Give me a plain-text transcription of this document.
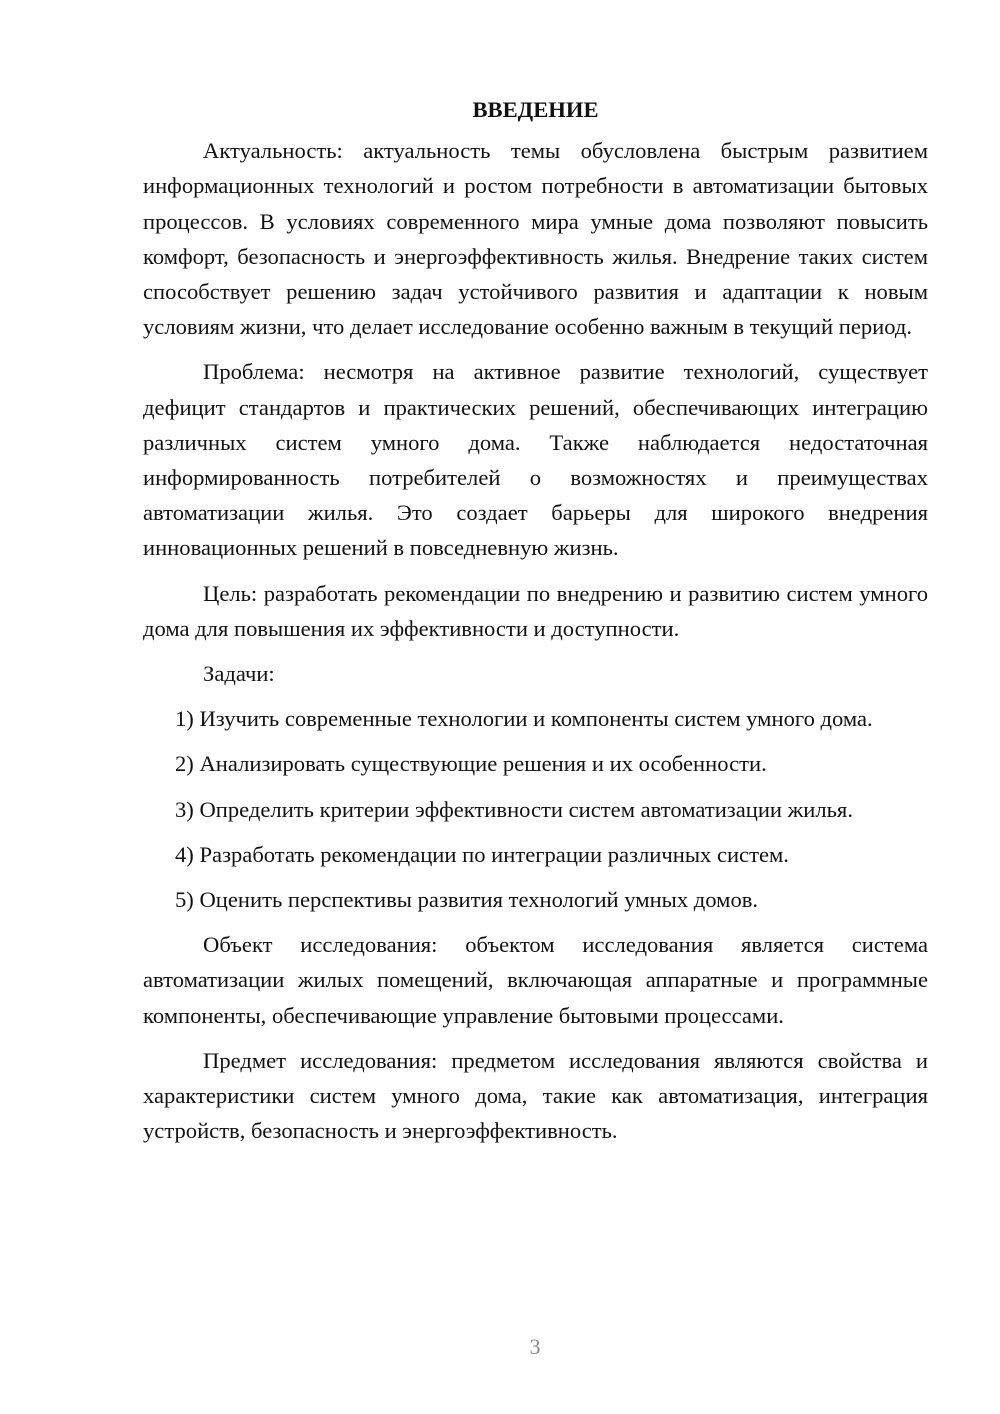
ВВЕДЕНИЕ

Актуальность: актуальность темы обусловлена быстрым развитием информационных технологий и ростом потребности в автоматизации бытовых процессов. В условиях современного мира умные дома позволяют повысить комфорт, безопасность и энергоэффективность жилья. Внедрение таких систем способствует решению задач устойчивого развития и адаптации к новым условиям жизни, что делает исследование особенно важным в текущий период.

Проблема: несмотря на активное развитие технологий, существует дефицит стандартов и практических решений, обеспечивающих интеграцию различных систем умного дома. Также наблюдается недостаточная информированность потребителей о возможностях и преимуществах автоматизации жилья. Это создает барьеры для широкого внедрения инновационных решений в повседневную жизнь.

Цель: разработать рекомендации по внедрению и развитию систем умного дома для повышения их эффективности и доступности.

Задачи:

1) Изучить современные технологии и компоненты систем умного дома.

2) Анализировать существующие решения и их особенности.

3) Определить критерии эффективности систем автоматизации жилья.

4) Разработать рекомендации по интеграции различных систем.

5) Оценить перспективы развития технологий умных домов.

Объект исследования: объектом исследования является система автоматизации жилых помещений, включающая аппаратные и программные компоненты, обеспечивающие управление бытовыми процессами.

Предмет исследования: предметом исследования являются свойства и характеристики систем умного дома, такие как автоматизация, интеграция устройств, безопасность и энергоэффективность.

3
